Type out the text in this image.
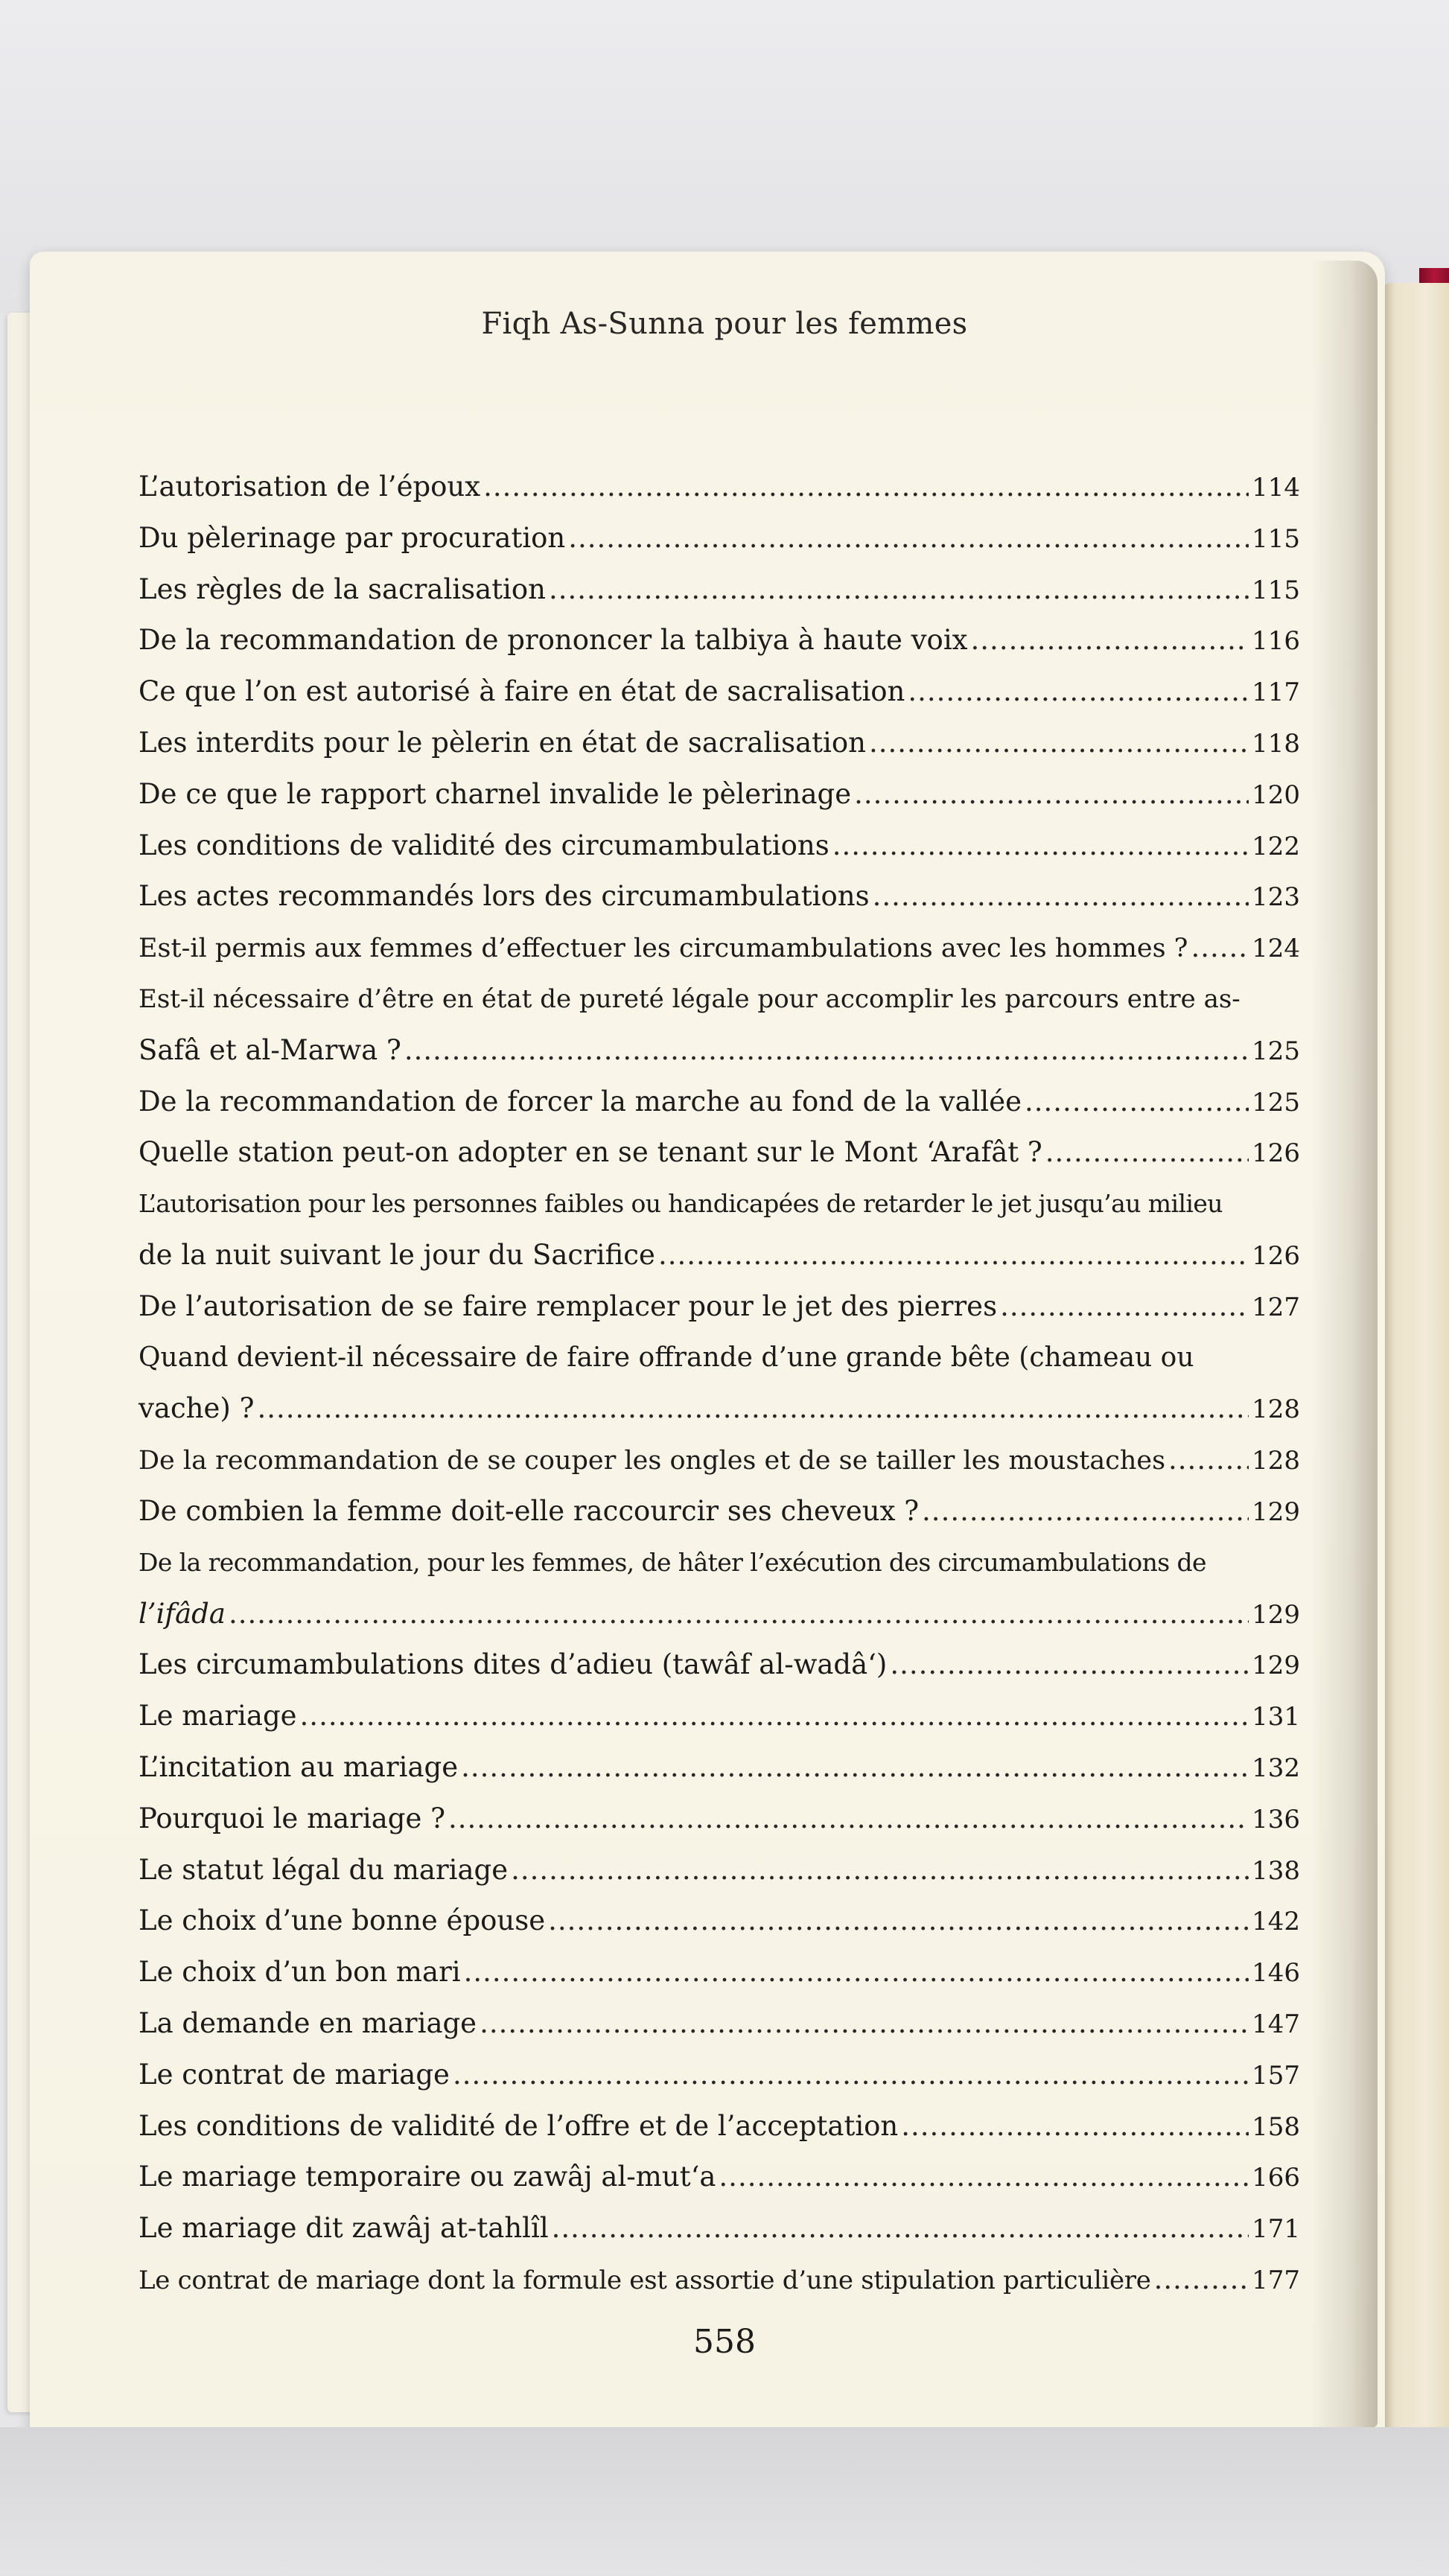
Fiqh As-Sunna pour les femmes
L’autorisation de l’époux .....	114
Du pèlerinage par procuration .....	115
Les règles de la sacralisation .....	115
De la recommandation de prononcer la talbiya à haute voix .....	116
Ce que l’on est autorisé à faire en état de sacralisation .....	117
Les interdits pour le pèlerin en état de sacralisation .....	118
De ce que le rapport charnel invalide le pèlerinage .....	120
Les conditions de validité des circumambulations .....	122
Les actes recommandés lors des circumambulations .....	123
Est-il permis aux femmes d’effectuer les circumambulations avec les hommes ? .....	124
Est-il nécessaire d’être en état de pureté légale pour accomplir les parcours entre as-
Safâ et al-Marwa ? .....	125
De la recommandation de forcer la marche au fond de la vallée .....	125
Quelle station peut-on adopter en se tenant sur le Mont ‘Arafât ? .....	126
L’autorisation pour les personnes faibles ou handicapées de retarder le jet jusqu’au milieu
de la nuit suivant le jour du Sacrifice .....	126
De l’autorisation de se faire remplacer pour le jet des pierres .....	127
Quand devient-il nécessaire de faire offrande d’une grande bête (chameau ou
vache) ? .....	128
De la recommandation de se couper les ongles et de se tailler les moustaches .....	128
De combien la femme doit-elle raccourcir ses cheveux ? .....	129
De la recommandation, pour les femmes, de hâter l’exécution des circumambulations de
l’ifâda .....	129
Les circumambulations dites d’adieu (tawâf al-wadâ‘) .....	129
Le mariage .....	131
L’incitation au mariage .....	132
Pourquoi le mariage ? .....	136
Le statut légal du mariage .....	138
Le choix d’une bonne épouse .....	142
Le choix d’un bon mari .....	146
La demande en mariage .....	147
Le contrat de mariage .....	157
Les conditions de validité de l’offre et de l’acceptation .....	158
Le mariage temporaire ou zawâj al-mut‘a .....	166
Le mariage dit zawâj at-tahlîl .....	171
Le contrat de mariage dont la formule est assortie d’une stipulation particulière .....	177
558
